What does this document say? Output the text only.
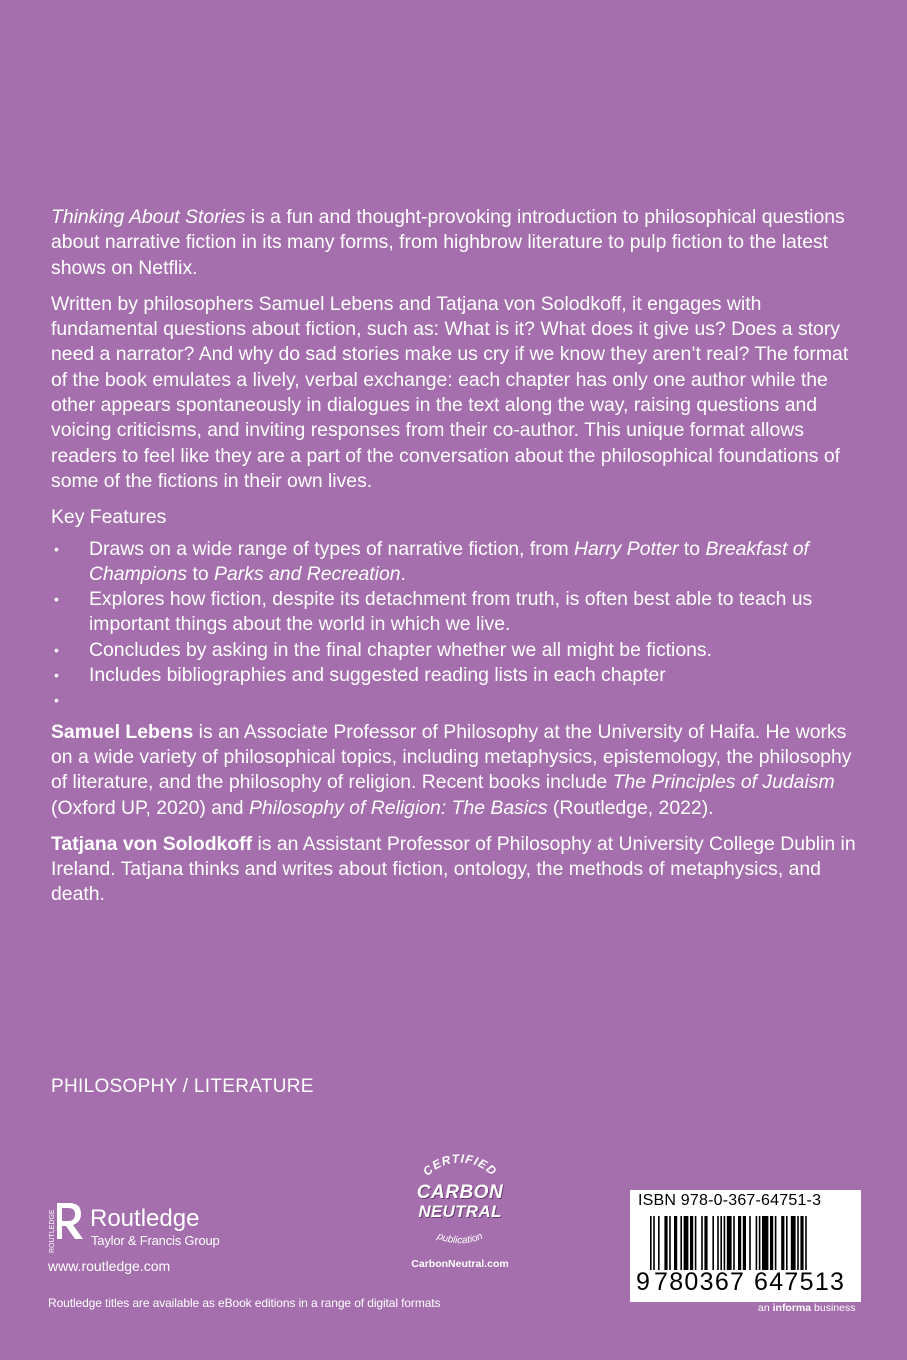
Thinking About Stories is a fun and thought-provoking introduction to philosophical questions about narrative fiction in its many forms, from highbrow literature to pulp fiction to the latest shows on Netflix.

Written by philosophers Samuel Lebens and Tatjana von Solodkoff, it engages with fundamental questions about fiction, such as: What is it? What does it give us? Does a story need a narrator? And why do sad stories make us cry if we know they aren’t real? The format of the book emulates a lively, verbal exchange: each chapter has only one author while the other appears spontaneously in dialogues in the text along the way, raising questions and voicing criticisms, and inviting responses from their co-author. This unique format allows readers to feel like they are a part of the conversation about the philosophical foundations of some of the fictions in their own lives.

Key Features

• Draws on a wide range of types of narrative fiction, from Harry Potter to Breakfast of Champions to Parks and Recreation.
• Explores how fiction, despite its detachment from truth, is often best able to teach us important things about the world in which we live.
• Concludes by asking in the final chapter whether we all might be fictions.
• Includes bibliographies and suggested reading lists in each chapter
•

Samuel Lebens is an Associate Professor of Philosophy at the University of Haifa. He works on a wide variety of philosophical topics, including metaphysics, epistemology, the philosophy of literature, and the philosophy of religion. Recent books include The Principles of Judaism (Oxford UP, 2020) and Philosophy of Religion: The Basics (Routledge, 2022).

Tatjana von Solodkoff is an Assistant Professor of Philosophy at University College Dublin in Ireland. Tatjana thinks and writes about fiction, ontology, the methods of metaphysics, and death.

PHILOSOPHY / LITERATURE
ROUTLEDGE Routledge
Taylor & Francis Group
www.routledge.com
Routledge titles are available as eBook editions in a range of digital formats
CERTIFIED
CARBON
NEUTRAL
publication
CarbonNeutral.com
ISBN 978-0-367-64751-3
9 780367 647513
an informa business
